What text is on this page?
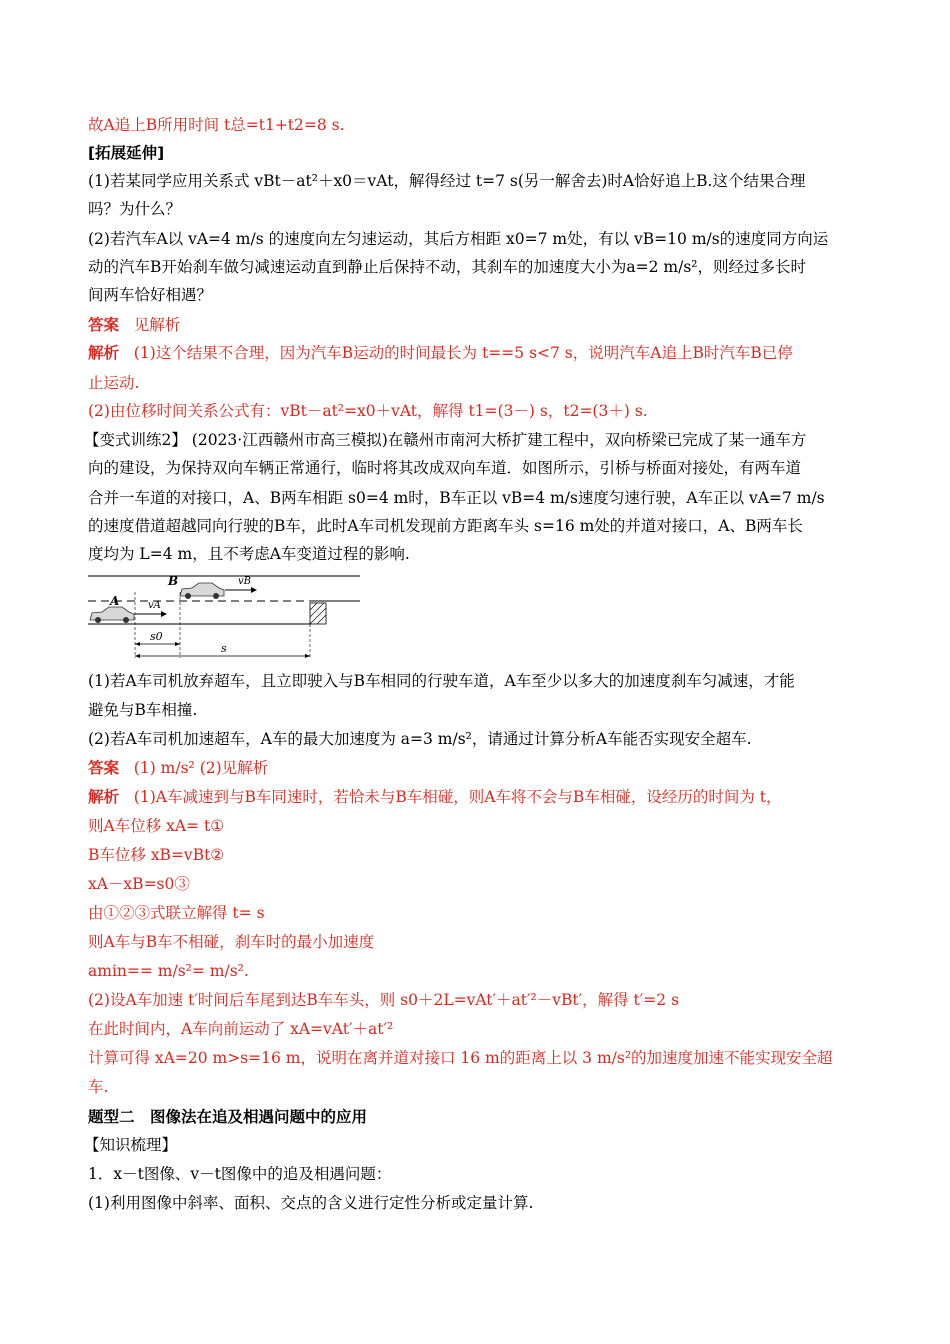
故A追上B所用时间 t总=t1+t2=8 s.
[拓展延伸]
(1)若某同学应用关系式 vBt－at²＋x0＝vAt，解得经过 t=7 s(另一解舍去)时A恰好追上B.这个结果合理
吗？为什么？
(2)若汽车A以 vA=4 m/s 的速度向左匀速运动，其后方相距 x0=7 m处，有以 vB=10 m/s的速度同方向运
动的汽车B开始刹车做匀减速运动直到静止后保持不动，其刹车的加速度大小为a=2 m/s²，则经过多长时
间两车恰好相遇？
答案 见解析
解析 (1)这个结果不合理，因为汽车B运动的时间最长为 t==5 s<7 s，说明汽车A追上B时汽车B已停
止运动.
(2)由位移时间关系公式有：vBt－at²=x0＋vAt，解得 t1=(3－) s，t2=(3＋) s.
【变式训练2】 (2023·江西赣州市高三模拟)在赣州市南河大桥扩建工程中，双向桥梁已完成了某一通车方
向的建设，为保持双向车辆正常通行，临时将其改成双向车道．如图所示，引桥与桥面对接处，有两车道
合并一车道的对接口，A、B两车相距 s0=4 m时，B车正以 vB=4 m/s速度匀速行驶，A车正以 vA=7 m/s
的速度借道超越同向行驶的B车，此时A车司机发现前方距离车头 s=16 m处的并道对接口，A、B两车长
度均为 L=4 m，且不考虑A车变道过程的影响.
B	vB
A	vA
s0
s
(1)若A车司机放弃超车，且立即驶入与B车相同的行驶车道，A车至少以多大的加速度刹车匀减速，才能
避免与B车相撞.
(2)若A车司机加速超车，A车的最大加速度为 a=3 m/s²，请通过计算分析A车能否实现安全超车.
答案 (1) m/s² (2)见解析
解析 (1)A车减速到与B车同速时，若恰未与B车相碰，则A车将不会与B车相碰，设经历的时间为 t，
则A车位移 xA= t①
B车位移 xB=vBt②
xA－xB=s0③
由①②③式联立解得 t= s
则A车与B车不相碰，刹车时的最小加速度
amin== m/s²= m/s².
(2)设A车加速 t′时间后车尾到达B车车头，则 s0＋2L=vAt′＋at′²－vBt′，解得 t′=2 s
在此时间内，A车向前运动了 xA=vAt′＋at′²
计算可得 xA=20 m>s=16 m，说明在离并道对接口 16 m的距离上以 3 m/s²的加速度加速不能实现安全超
车.
题型二　图像法在追及相遇问题中的应用
【知识梳理】
1．x－t图像、v－t图像中的追及相遇问题：
(1)利用图像中斜率、面积、交点的含义进行定性分析或定量计算.
